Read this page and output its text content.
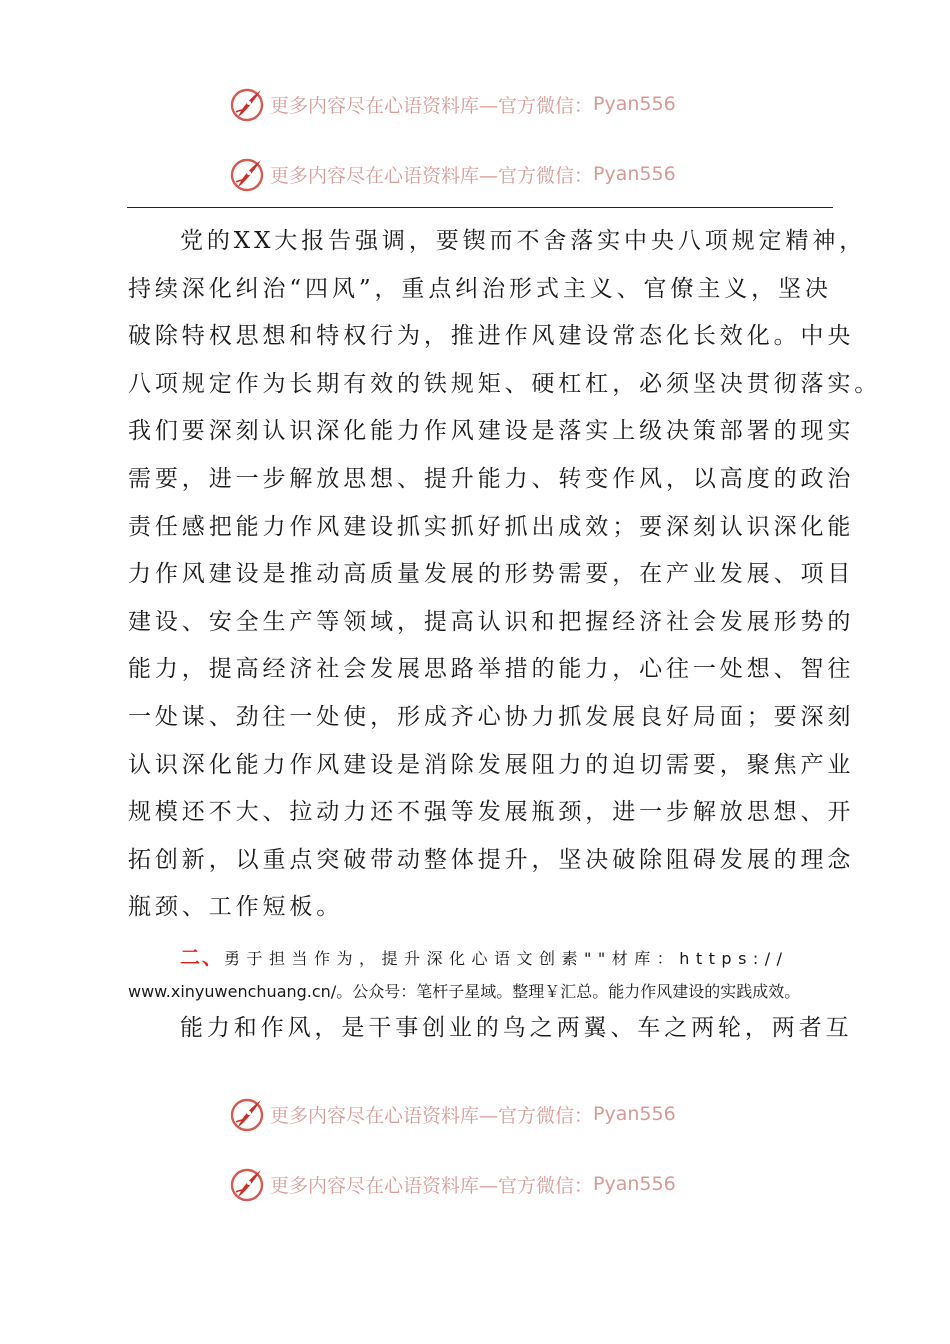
更多内容尽在心语资料库—官方微信： Pyan556
更多内容尽在心语资料库—官方微信： Pyan556
党的XX大报告强调，要锲而不舍落实中央八项规定精神，
持续深化纠治“四风”，重点纠治形式主义、官僚主义，坚决
破除特权思想和特权行为，推进作风建设常态化长效化。中央
八项规定作为长期有效的铁规矩、硬杠杠，必须坚决贯彻落实。
我们要深刻认识深化能力作风建设是落实上级决策部署的现实
需要，进一步解放思想、提升能力、转变作风，以高度的政治
责任感把能力作风建设抓实抓好抓出成效；要深刻认识深化能
力作风建设是推动高质量发展的形势需要，在产业发展、项目
建设、安全生产等领域，提高认识和把握经济社会发展形势的
能力，提高经济社会发展思路举措的能力，心往一处想、智往
一处谋、劲往一处使，形成齐心协力抓发展良好局面；要深刻
认识深化能力作风建设是消除发展阻力的迫切需要，聚焦产业
规模还不大、拉动力还不强等发展瓶颈，进一步解放思想、开
拓创新，以重点突破带动整体提升，坚决破除阻碍发展的理念
瓶颈、工作短板。
二、勇于担当作为，提升深化心语文创素""材库：https://
www.xinyuwenchuang.cn/。公众号：笔杆子星域。整理￥汇总。能力作风建设的实践成效。
能力和作风，是干事创业的鸟之两翼、车之两轮，两者互
更多内容尽在心语资料库—官方微信： Pyan556
更多内容尽在心语资料库—官方微信： Pyan556
